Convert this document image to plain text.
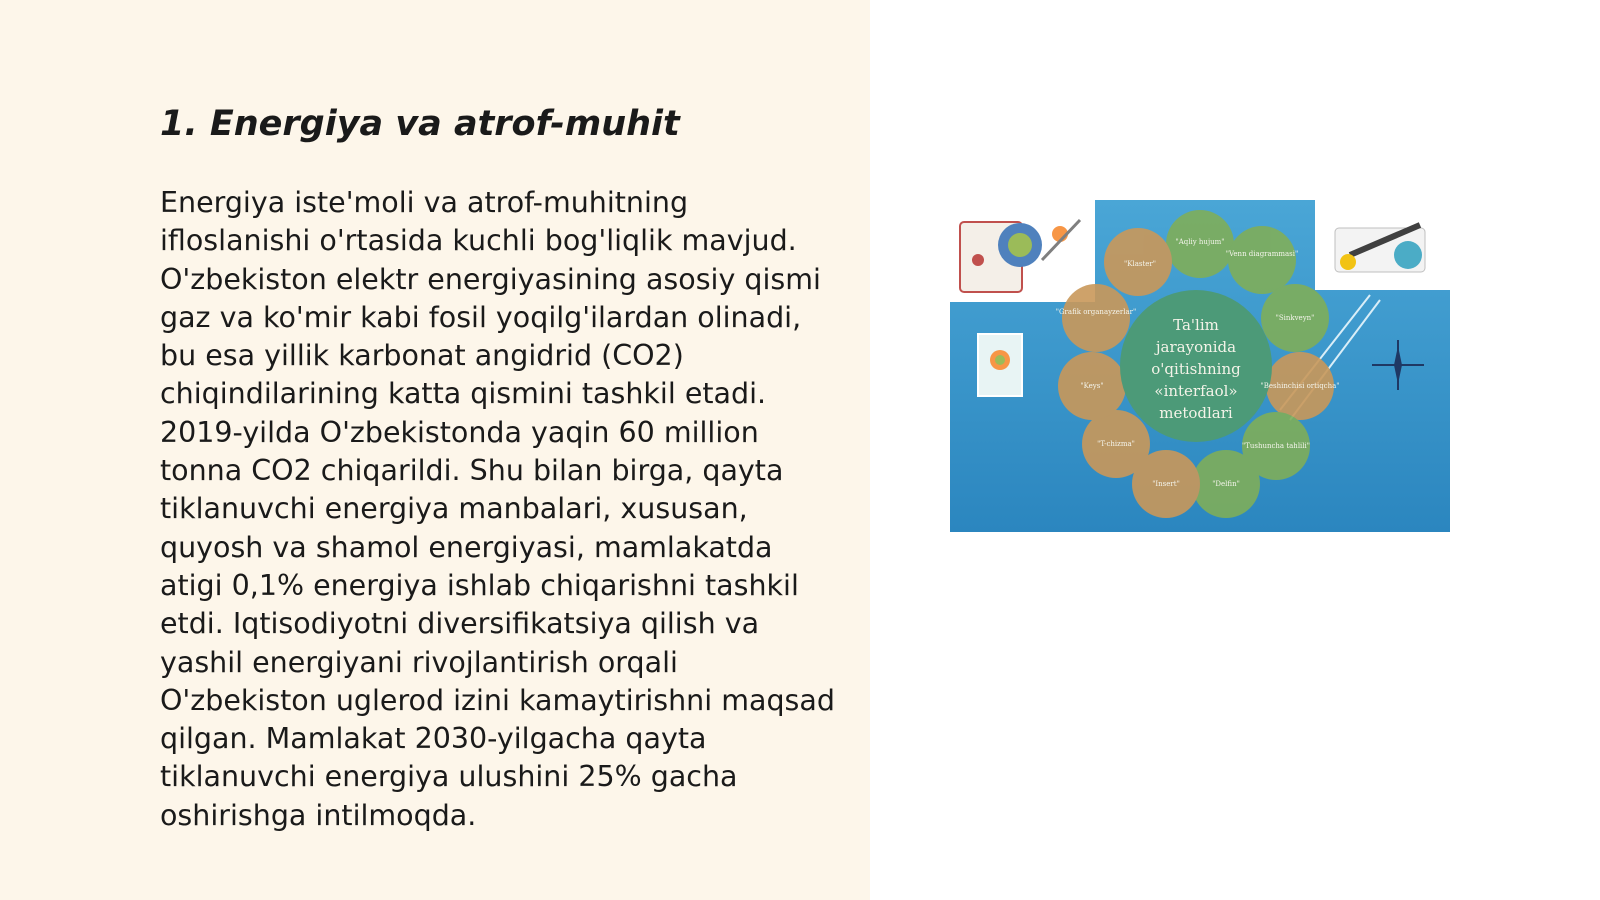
1. Energiya va atrof-muhit

Energiya iste'moli va atrof-muhitning ifloslanishi o'rtasida kuchli bog'liqlik mavjud. O'zbekiston elektr energiyasining asosiy qismi gaz va ko'mir kabi fosil yoqilg'ilardan olinadi, bu esa yillik karbonat angidrid (CO2) chiqindilarining katta qismini tashkil etadi. 2019-yilda O'zbekistonda yaqin 60 million tonna CO2 chiqarildi. Shu bilan birga, qayta tiklanuvchi energiya manbalari, xususan, quyosh va shamol energiyasi, mamlakatda atigi 0,1% energiya ishlab chiqarishni tashkil etdi. Iqtisodiyotni diversifikatsiya qilish va yashil energiyani rivojlantirish orqali O'zbekiston uglerod izini kamaytirishni maqsad qilgan. Mamlakat 2030-yilgacha qayta tiklanuvchi energiya ulushini 25% gacha oshirishga intilmoqda.

Ta'lim
jarayonida
o'qitishning
«interfaol»
metodlari
"Klaster"
"Aqliy hujum"
"Venn diagrammasi"
"Sinkveyn"
"Beshinchisi ortiqcha"
"Tushuncha tahlili"
"Delfin"
"Insert"
"T-chizma"
"Keys"
"Grafik organayzerlar"
